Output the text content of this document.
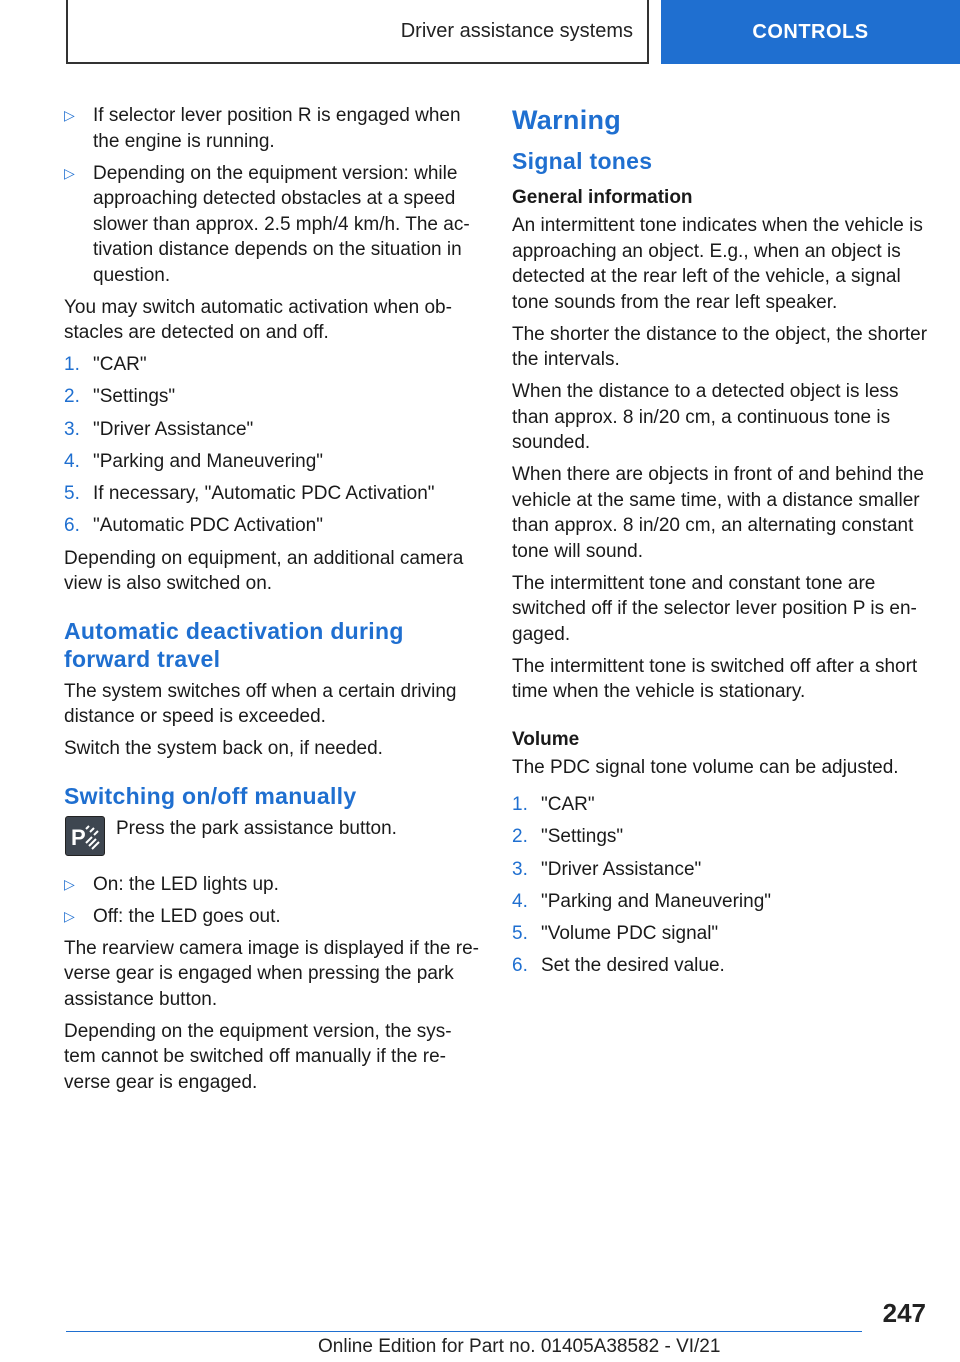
Driver assistance systems	CONTROLS
▷ If selector lever position R is engaged when the engine is running.
▷ Depending on the equipment version: while approaching detected obstacles at a speed slower than approx. 2.5 mph/4 km/h. The ac‐tivation distance depends on the situation in question.

You may switch automatic activation when ob‐stacles are detected on and off.

1. "CAR"
2. "Settings"
3. "Driver Assistance"
4. "Parking and Maneuvering"
5. If necessary, "Automatic PDC Activation"
6. "Automatic PDC Activation"

Depending on equipment, an additional camera view is also switched on.

Automatic deactivation during forward travel

The system switches off when a certain driving distance or speed is exceeded.

Switch the system back on, if needed.

Switching on/off manually
P Press the park assistance button.
▷ On: the LED lights up.
▷ Off: the LED goes out.

The rearview camera image is displayed if the re‐verse gear is engaged when pressing the park assistance button.

Depending on the equipment version, the sys‐tem cannot be switched off manually if the re‐verse gear is engaged.

Warning
Signal tones
General information

An intermittent tone indicates when the vehicle is approaching an object. E.g., when an object is detected at the rear left of the vehicle, a signal tone sounds from the rear left speaker.

The shorter the distance to the object, the shorter the intervals.

When the distance to a detected object is less than approx. 8 in/20 cm, a continuous tone is sounded.

When there are objects in front of and behind the vehicle at the same time, with a distance smaller than approx. 8 in/20 cm, an alternating constant tone will sound.

The intermittent tone and constant tone are switched off if the selector lever position P is en‐gaged.

The intermittent tone is switched off after a short time when the vehicle is stationary.

Volume

The PDC signal tone volume can be adjusted.

1. "CAR"
2. "Settings"
3. "Driver Assistance"
4. "Parking and Maneuvering"
5. "Volume PDC signal"
6. Set the desired value.
247
Online Edition for Part no. 01405A38582 - VI/21
